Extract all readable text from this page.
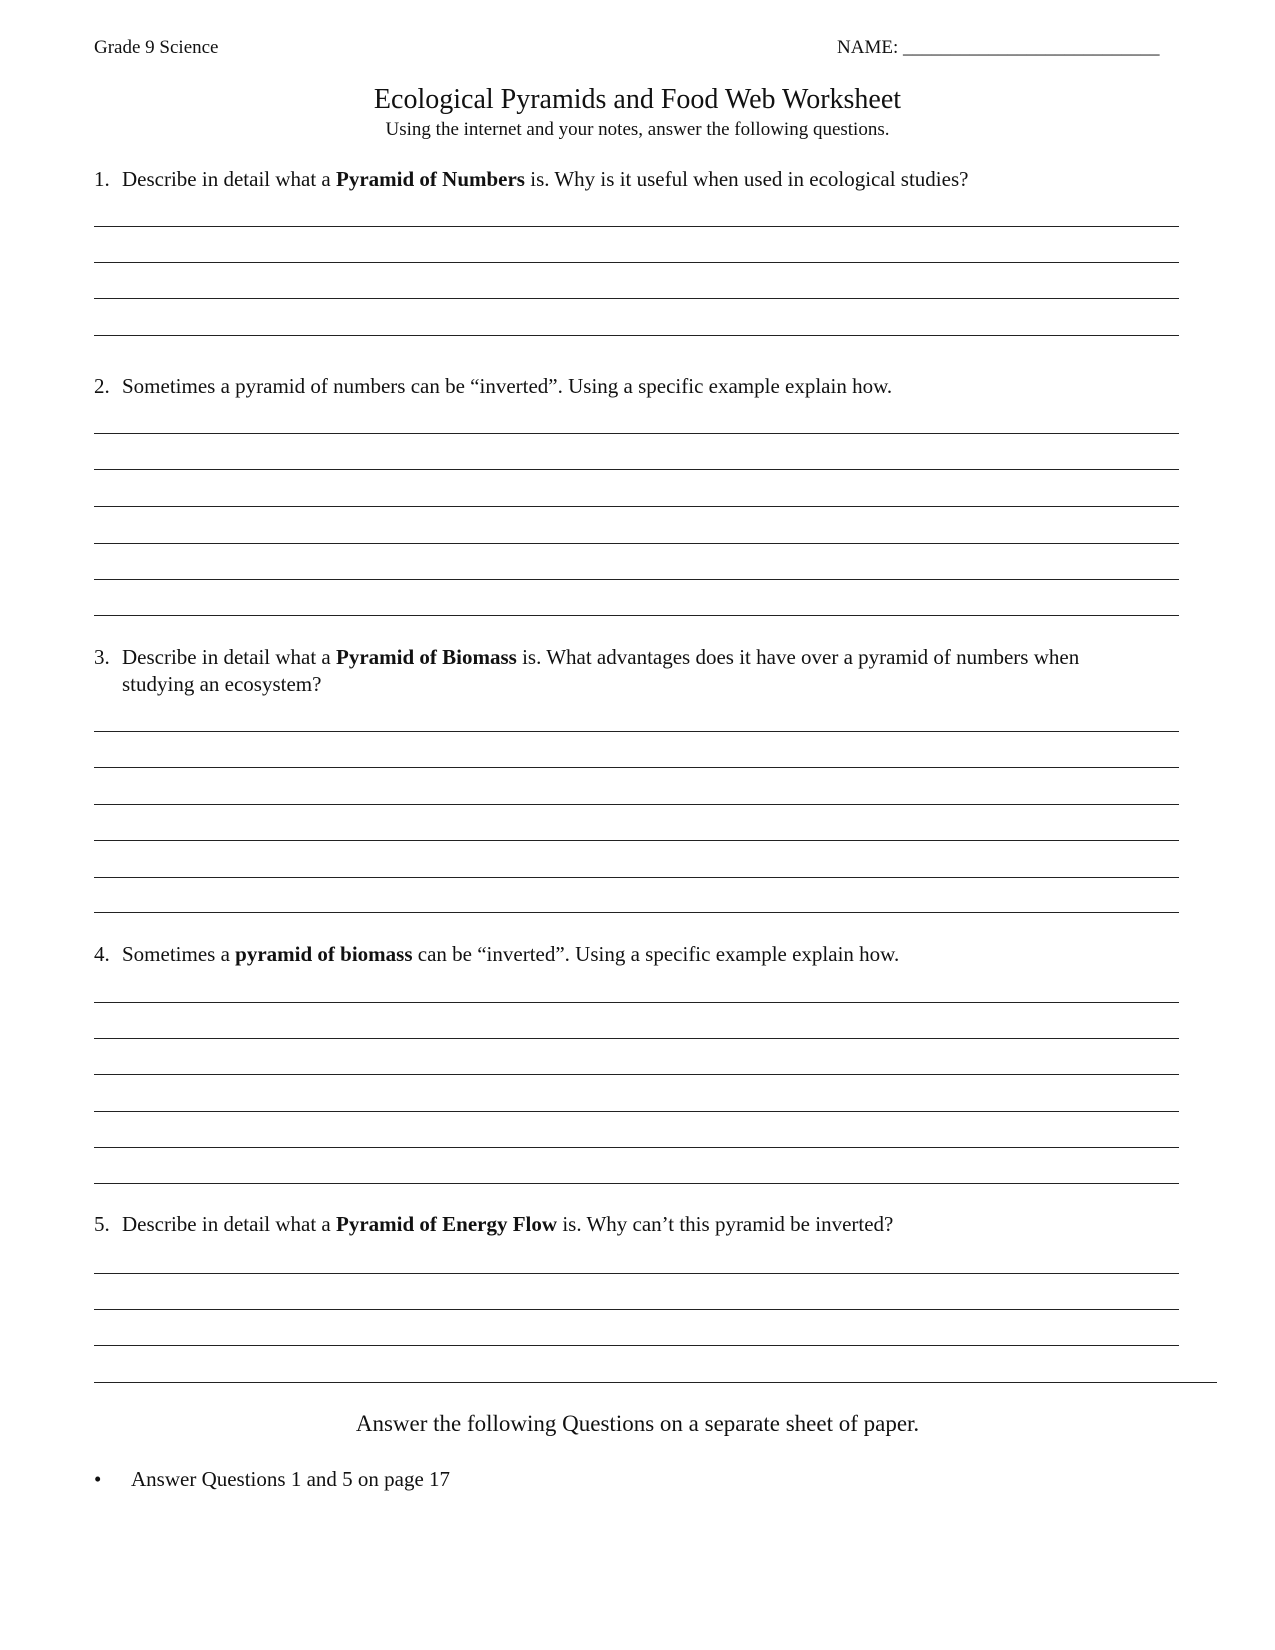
Grade 9 Science	NAME: ___________________________
Ecological Pyramids and Food Web Worksheet
Using the internet and your notes, answer the following questions.
1. Describe in detail what a Pyramid of Numbers is. Why is it useful when used in ecological studies?
2. Sometimes a pyramid of numbers can be “inverted”. Using a specific example explain how.
3. Describe in detail what a Pyramid of Biomass is. What advantages does it have over a pyramid of numbers when
studying an ecosystem?
4. Sometimes a pyramid of biomass can be “inverted”. Using a specific example explain how.
5. Describe in detail what a Pyramid of Energy Flow is. Why can’t this pyramid be inverted?
Answer the following Questions on a separate sheet of paper.
• Answer Questions 1 and 5 on page 17
